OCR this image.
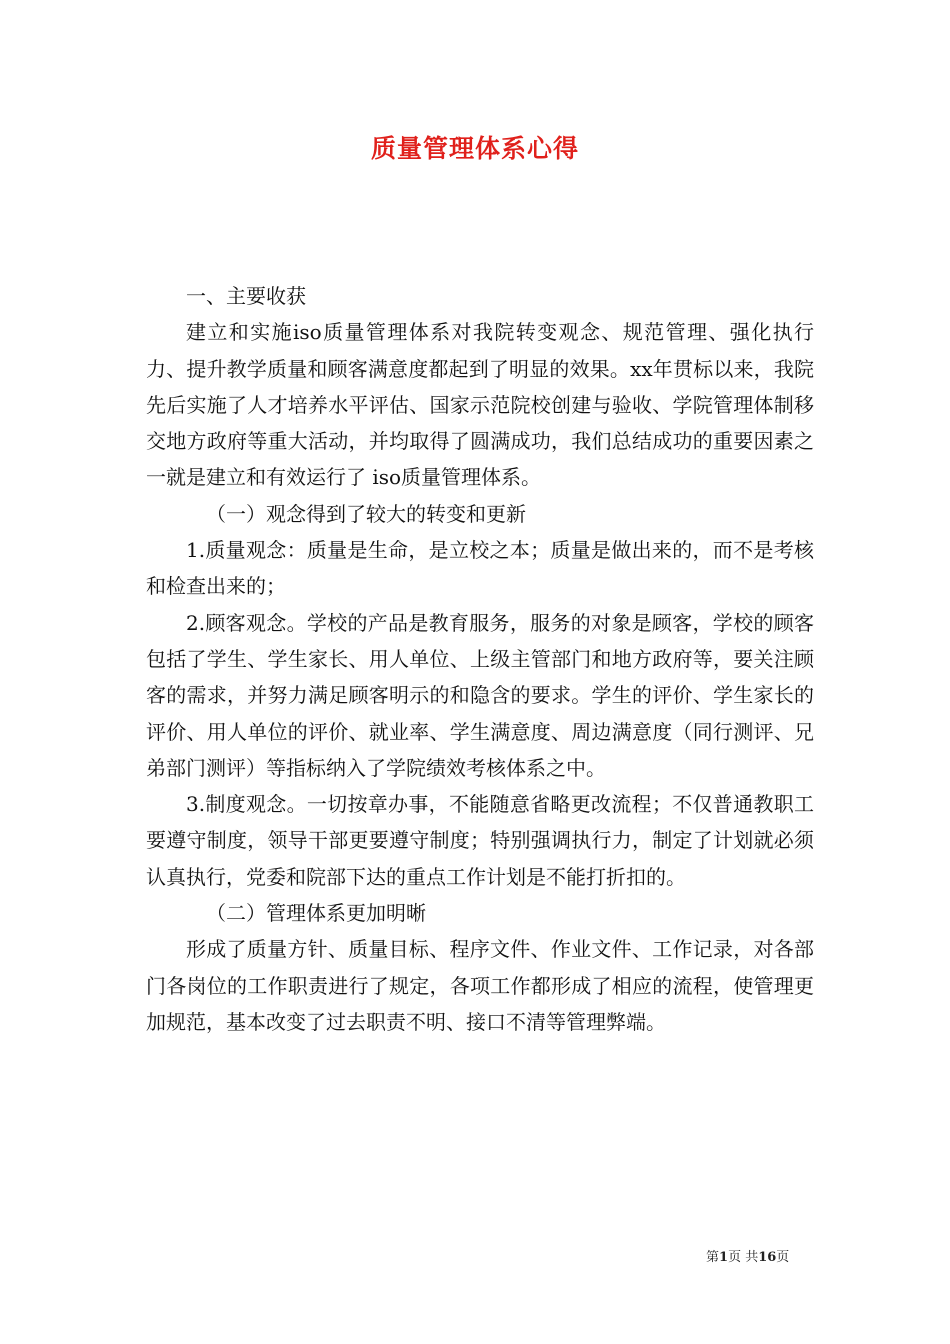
质量管理体系心得

一、主要收获

建立和实施iso质量管理体系对我院转变观念、规范管理、强化执行力、提升教学质量和顾客满意度都起到了明显的效果。xx年贯标以来，我院先后实施了人才培养水平评估、国家示范院校创建与验收、学院管理体制移交地方政府等重大活动，并均取得了圆满成功，我们总结成功的重要因素之一就是建立和有效运行了 iso质量管理体系。

（一）观念得到了较大的转变和更新

1.质量观念：质量是生命，是立校之本；质量是做出来的，而不是考核和检查出来的；

2.顾客观念。学校的产品是教育服务，服务的对象是顾客，学校的顾客包括了学生、学生家长、用人单位、上级主管部门和地方政府等，要关注顾客的需求，并努力满足顾客明示的和隐含的要求。学生的评价、学生家长的评价、用人单位的评价、就业率、学生满意度、周边满意度（同行测评、兄弟部门测评）等指标纳入了学院绩效考核体系之中。

3.制度观念。一切按章办事，不能随意省略更改流程；不仅普通教职工要遵守制度，领导干部更要遵守制度；特别强调执行力，制定了计划就必须认真执行，党委和院部下达的重点工作计划是不能打折扣的。

（二）管理体系更加明晰

形成了质量方针、质量目标、程序文件、作业文件、工作记录，对各部门各岗位的工作职责进行了规定，各项工作都形成了相应的流程，使管理更加规范，基本改变了过去职责不明、接口不清等管理弊端。

第1页 共16页
